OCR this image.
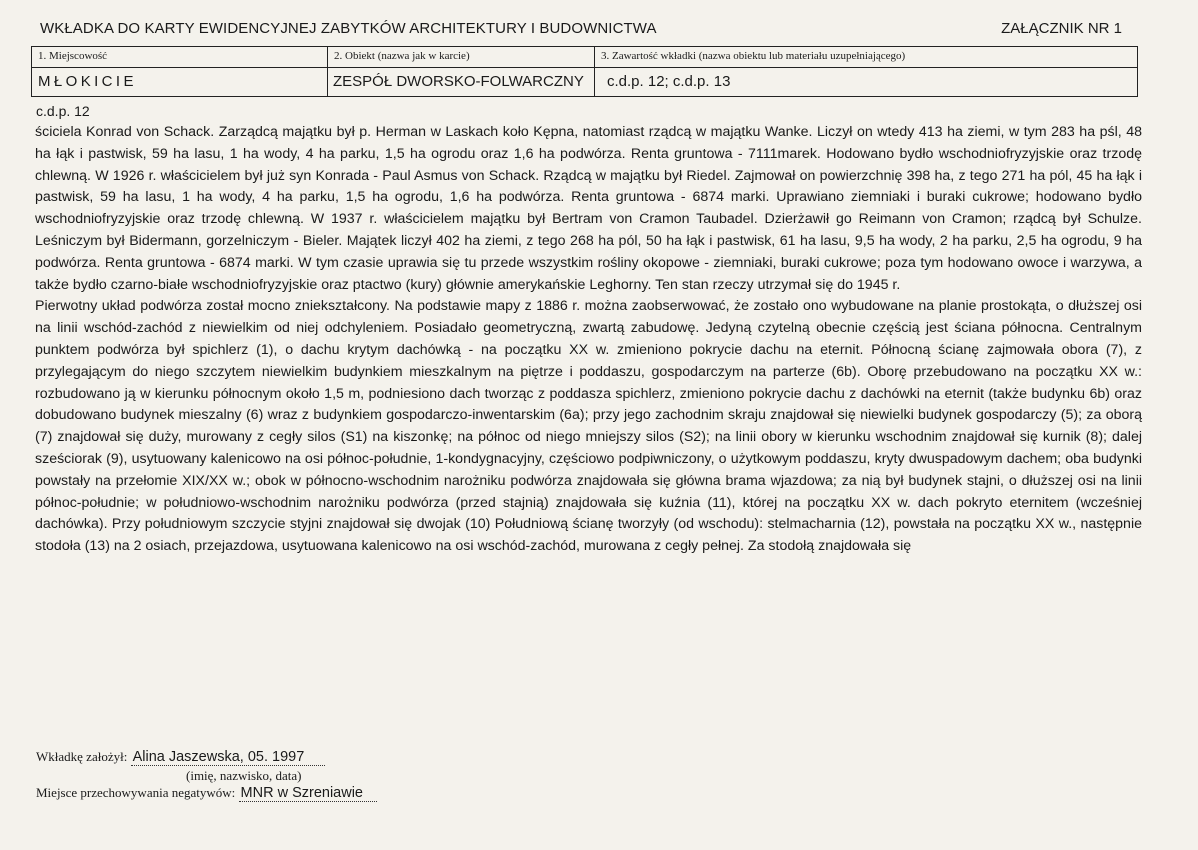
WKŁADKA DO KARTY EWIDENCYJNEJ ZABYTKÓW ARCHITEKTURY I BUDOWNICTWA	ZAŁĄCZNIK NR 1
1. Miejscowość
MŁOKICIE
2. Obiekt (nazwa jak w karcie)
ZESPÓŁ DWORSKO-FOLWARCZNY
3. Zawartość wkładki (nazwa obiektu lub materiału uzupełniającego)
c.d.p. 12; c.d.p. 13
c.d.p. 12

ściciela Konrad von Schack. Zarządcą majątku był p. Herman w Laskach koło Kępna, natomiast rządcą w majątku Wanke. Liczył on wtedy 413 ha ziemi, w tym 283 ha pśl, 48 ha łąk i pastwisk, 59 ha lasu, 1 ha wody, 4 ha parku, 1,5 ha ogrodu oraz 1,6 ha podwórza. Renta gruntowa - 7111marek. Hodowano bydło wschodniofryzyjskie oraz trzodę chlewną. W 1926 r. właścicielem był już syn Konrada - Paul Asmus von Schack. Rządcą w majątku był Riedel. Zajmował on powierzchnię 398 ha, z tego 271 ha pól, 45 ha łąk i pastwisk, 59 ha lasu, 1 ha wody, 4 ha parku, 1,5 ha ogrodu, 1,6 ha podwórza. Renta gruntowa - 6874 marki. Uprawiano ziemniaki i buraki cukrowe; hodowano bydło wschodniofryzyjskie oraz trzodę chlewną. W 1937 r. właścicielem majątku był Bertram von Cramon Taubadel. Dzierżawił go Reimann von Cramon; rządcą był Schulze. Leśniczym był Bidermann, gorzelniczym - Bieler. Majątek liczył 402 ha ziemi, z tego 268 ha pól, 50 ha łąk i pastwisk, 61 ha lasu, 9,5 ha wody, 2 ha parku, 2,5 ha ogrodu, 9 ha podwórza. Renta gruntowa - 6874 marki. W tym czasie uprawia się tu przede wszystkim rośliny okopowe - ziemniaki, buraki cukrowe; poza tym hodowano owoce i warzywa, a także bydło czarno-białe wschodniofryzyjskie oraz ptactwo (kury) głównie amerykańskie Leghorny. Ten stan rzeczy utrzymał się do 1945 r.

Pierwotny układ podwórza został mocno zniekształcony. Na podstawie mapy z 1886 r. można zaobserwować, że zostało ono wybudowane na planie prostokąta, o dłuższej osi na linii wschód-zachód z niewielkim od niej odchyleniem. Posiadało geometryczną, zwartą zabudowę. Jedyną czytelną obecnie częścią jest ściana północna. Centralnym punktem podwórza był spichlerz (1), o dachu krytym dachówką - na początku XX w. zmieniono pokrycie dachu na eternit. Północną ścianę zajmowała obora (7), z przylegającym do niego szczytem niewielkim budynkiem mieszkalnym na piętrze i poddaszu, gospodarczym na parterze (6b). Oborę przebudowano na początku XX w.: rozbudowano ją w kierunku północnym około 1,5 m, podniesiono dach tworząc z poddasza spichlerz, zmieniono pokrycie dachu z dachówki na eternit (także budynku 6b) oraz dobudowano budynek mieszalny (6) wraz z budynkiem gospodarczo-inwentarskim (6a); przy jego zachodnim skraju znajdował się niewielki budynek gospodarczy (5); za oborą (7) znajdował się duży, murowany z cegły silos (S1) na kiszonkę; na północ od niego mniejszy silos (S2); na linii obory w kierunku wschodnim znajdował się kurnik (8); dalej sześciorak (9), usytuowany kalenicowo na osi północ-południe, 1-kondygnacyjny, częściowo podpiwniczony, o użytkowym poddaszu, kryty dwuspadowym dachem; oba budynki powstały na przełomie XIX/XX w.; obok w północno-wschodnim narożniku podwórza znajdowała się główna brama wjazdowa; za nią był budynek stajni, o dłuższej osi na linii północ-południe; w południowo-wschodnim narożniku podwórza (przed stajnią) znajdowała się kuźnia (11), której na początku XX w. dach pokryto eternitem (wcześniej dachówka). Przy południowym szczycie styjni znajdował się dwojak (10) Południową ścianę tworzyły (od wschodu): stelmacharnia (12), powstała na początku XX w., następnie stodoła (13) na 2 osiach, przejazdowa, usytuowana kalenicowo na osi wschód-zachód, murowana z cegły pełnej. Za stodołą znajdowała się

Wkładkę założył: Alina Jaszewska, 05. 1997
(imię, nazwisko, data)
Miejsce przechowywania negatywów: MNR w Szreniawie
